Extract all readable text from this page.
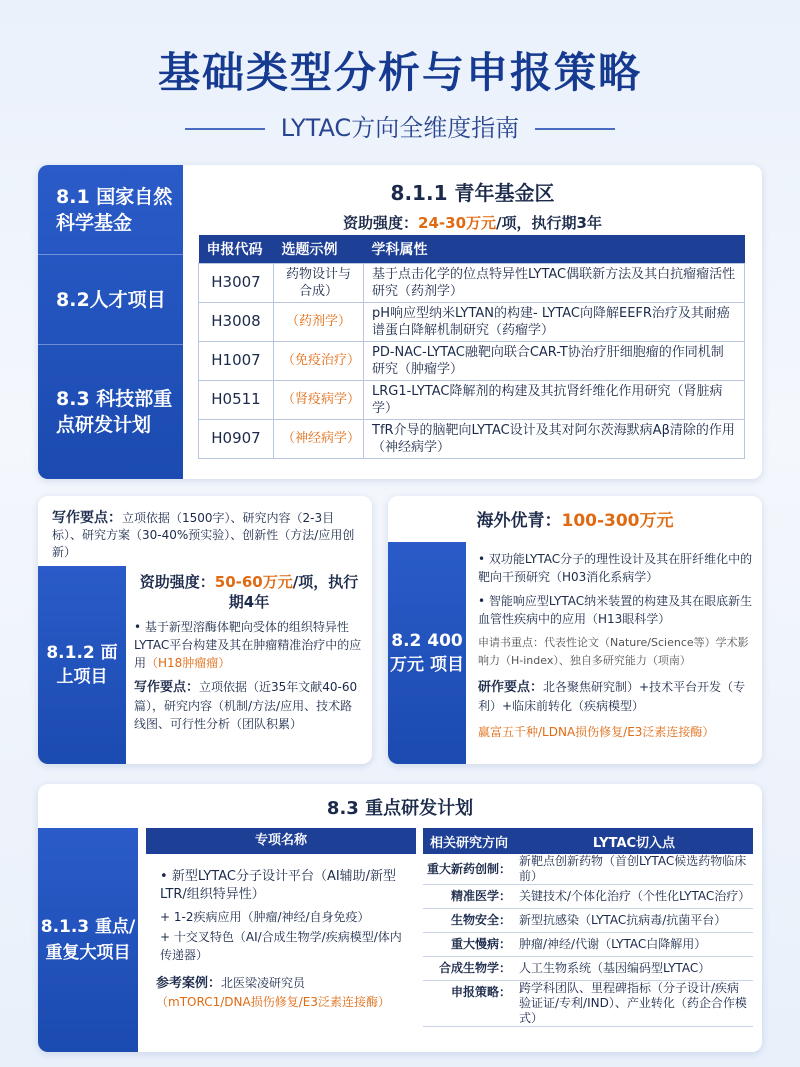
基础类型分析与申报策略
LYTAC方向全维度指南
8.1 国家自然科学基金
8.2人才项目
8.3 科技部重点研发计划
8.1.1 青年基金区
资助强度：24-30万元/项，执行期3年
申报代码	选题示例	学科属性
H3007	药物设计与合成）	基于点击化学的位点特异性LYTAC偶联新方法及其白抗瘤瘤活性研究（药剂学）
H3008	（药剂学）	pH响应型纳米LYTAN的构建- LYTAC向降解EEFR治疗及其耐癌谱蛋白降解机制研究（药瘤学）
H1007	（免疫治疗）	PD-NAC-LYTAC融靶向联合CAR-T协治疗肝细胞瘤的作同机制研究（肿瘤学）
H0511	（肾疫病学）	LRG1-LYTAC降解剂的构建及其抗肾纤维化作用研究（肾脏病学）
H0907	（神经病学）	TfR介导的脑靶向LYTAC设计及其对阿尔茨海默病Aβ清除的作用（神经病学）
写作要点：立项依据（1500字）、研究内容（2-3目标）、研究方案（30-40%预实验）、创新性（方法/应用创新）
8.1.2 面上项目
资助强度：50-60万元/项，执行期4年
• 基于新型溶酶体靶向受体的组织特异性LYTAC平台构建及其在肿瘤精准治疗中的应用（H18肿瘤瘤）
写作要点：立项依据（近35年文献40-60篇），研究内容（机制/方法/应用、技术路线图、可行性分析（团队积累）
海外优青：100-300万元
8.2 400万元 项目
• 双功能LYTAC分子的理性设计及其在肝纤维化中的靶向干预研究（H03消化系病学）
• 智能响应型LYTAC纳米装置的构建及其在眼底新生血管性疾病中的应用（H13眼科学）
申请书重点：代表性论文（Nature/Science等）学术影响力（H-index）、独自多研究能力（项南）
研作要点：北各聚焦研究制）+技术平台开发（专利）+临床前转化（疾病模型）
赢富五千种/LDNA损伤修复/E3泛素连接酶）
8.3 重点研发计划
8.1.3 重点/重复大项目
专项名称
• 新型LYTAC分子设计平台（AI辅助/新型LTR/组织特异性）
+ 1-2疾病应用（肿瘤/神经/自身免疫）
+ 十交叉特色（AI/合成生物学/疾病模型/体内传递器）
参考案例：北医梁凌研究员
（mTORC1/DNA损伤修复/E3泛素连接酶）
相关研究方向	LYTAC切入点
重大新药创制：	新靶点创新药物（首创LYTAC候选药物临床前）
精准医学：	关键技术/个体化治疗（个性化LYTAC治疗）
生物安全：	新型抗感染（LYTAC抗病毒/抗菌平台）
重大慢病：	肿瘤/神经/代谢（LYTAC白降解用）
合成生物学：	人工生物系统（基因编码型LYTAC）
申报策略：	跨学科团队、里程碑指标（分子设计/疾病验证证/专利/IND）、产业转化（药企合作模式）
